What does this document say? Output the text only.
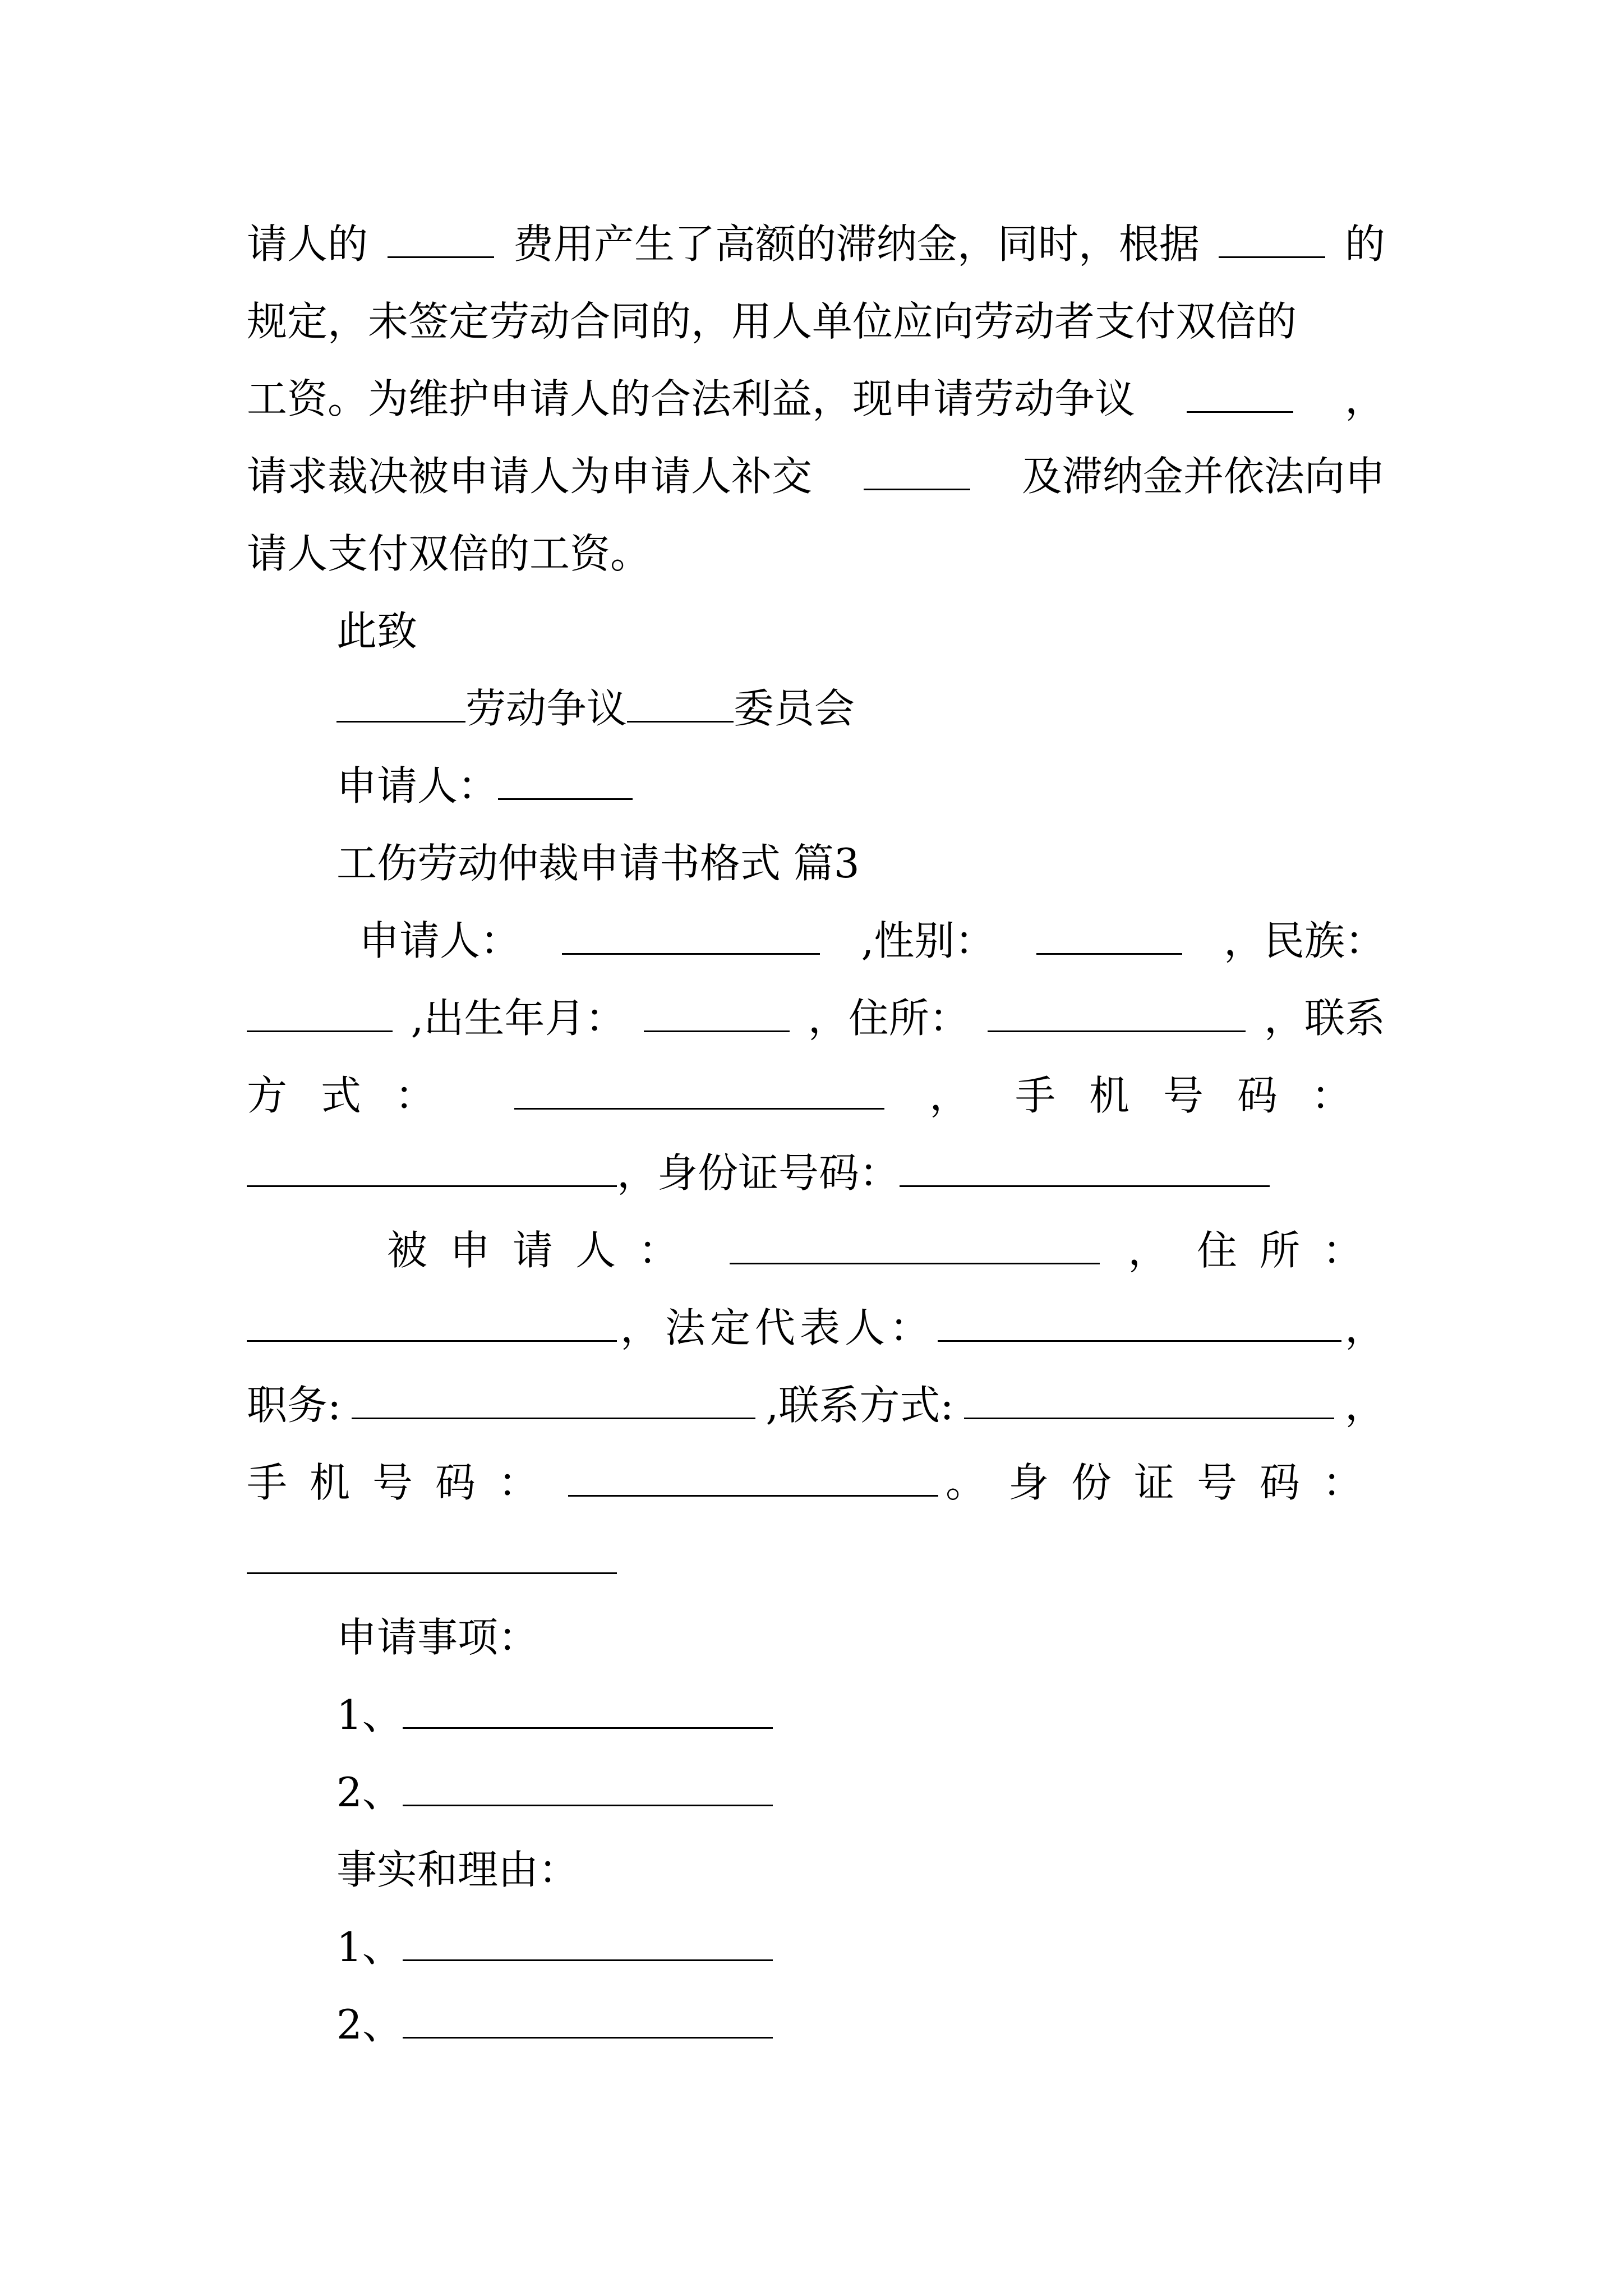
请人的	费用产生了高额的滞纳金，同时，根据	的
规定，未签定劳动合同的，用人单位应向劳动者支付双倍的
工资。为维护申请人的合法利益，现申请劳动争议	，
请求裁决被申请人为申请人补交	及滞纳金并依法向申
请人支付双倍的工资。
此致
劳动争议	委员会
申请人：
工伤劳动仲裁申请书格式 篇3
申请人：	,性别：	，民族：
,出生年月：	，住所：	，联系
方式：	， 手机号码：
，身份证号码：
被申请人：	， 住所：
，法定代表人：	，
职务:	,联系方式:	，
手机号码：	。身份证号码：
申请事项：
1、
2、
事实和理由：
1、
2、
